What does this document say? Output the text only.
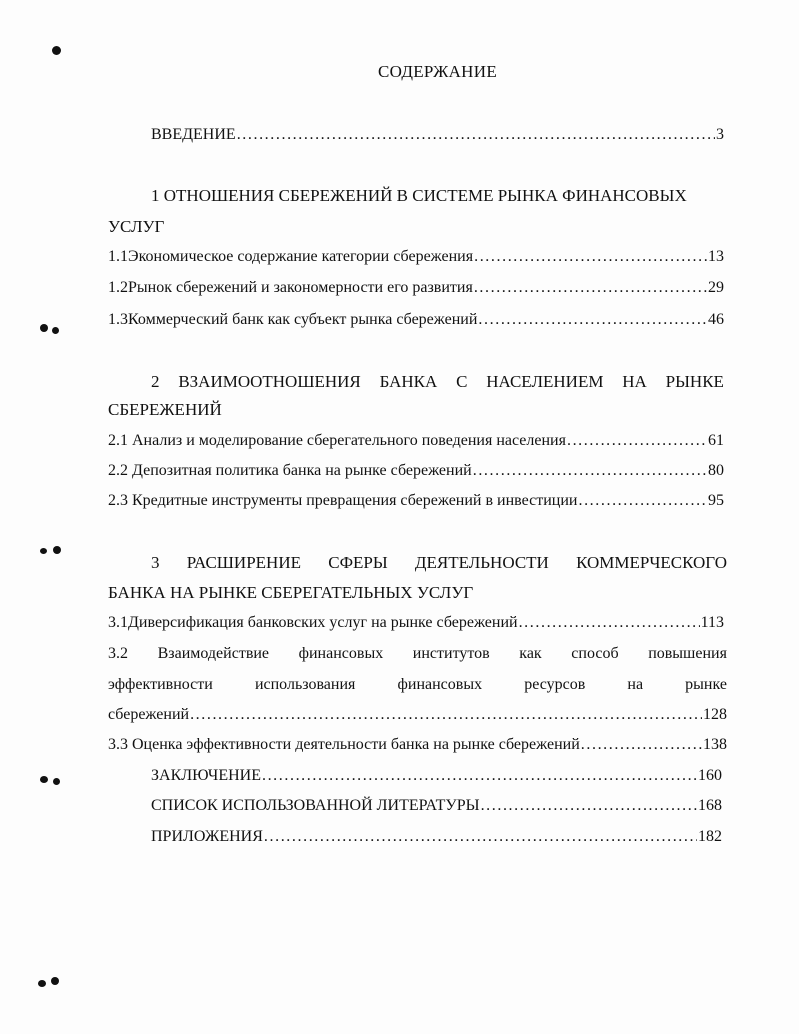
СОДЕРЖАНИЕ
ВВЕДЕНИЕ .....	3
1 ОТНОШЕНИЯ СБЕРЕЖЕНИЙ В СИСТЕМЕ РЫНКА ФИНАНСОВЫХ
УСЛУГ
1.1 Экономическое содержание категории сбережения .....	13
1.2 Рынок сбережений и закономерности его развития .....	29
1.3 Коммерческий банк как субъект рынка сбережений .....	46
2 ВЗАИМООТНОШЕНИЯ БАНКА С НАСЕЛЕНИЕМ НА РЫНКЕ
СБЕРЕЖЕНИЙ
2.1 Анализ и моделирование сберегательного поведения населения .....	61
2.2 Депозитная политика банка на рынке сбережений .....	80
2.3 Кредитные инструменты превращения сбережений в инвестиции .....	95
3 РАСШИРЕНИЕ СФЕРЫ ДЕЯТЕЛЬНОСТИ КОММЕРЧЕСКОГО
БАНКА НА РЫНКЕ СБЕРЕГАТЕЛЬНЫХ УСЛУГ
3.1 Диверсификация банковских услуг на рынке сбережений .....	113
3.2 Взаимодействие финансовых институтов как способ повышения
эффективности	использования	финансовых	ресурсов	на	рынке
сбережений .....	128
3.3 Оценка эффективности деятельности банка на рынке сбережений .....	138
ЗАКЛЮЧЕНИЕ .....	160
СПИСОК ИСПОЛЬЗОВАННОЙ ЛИТЕРАТУРЫ .....	168
ПРИЛОЖЕНИЯ .....	182
